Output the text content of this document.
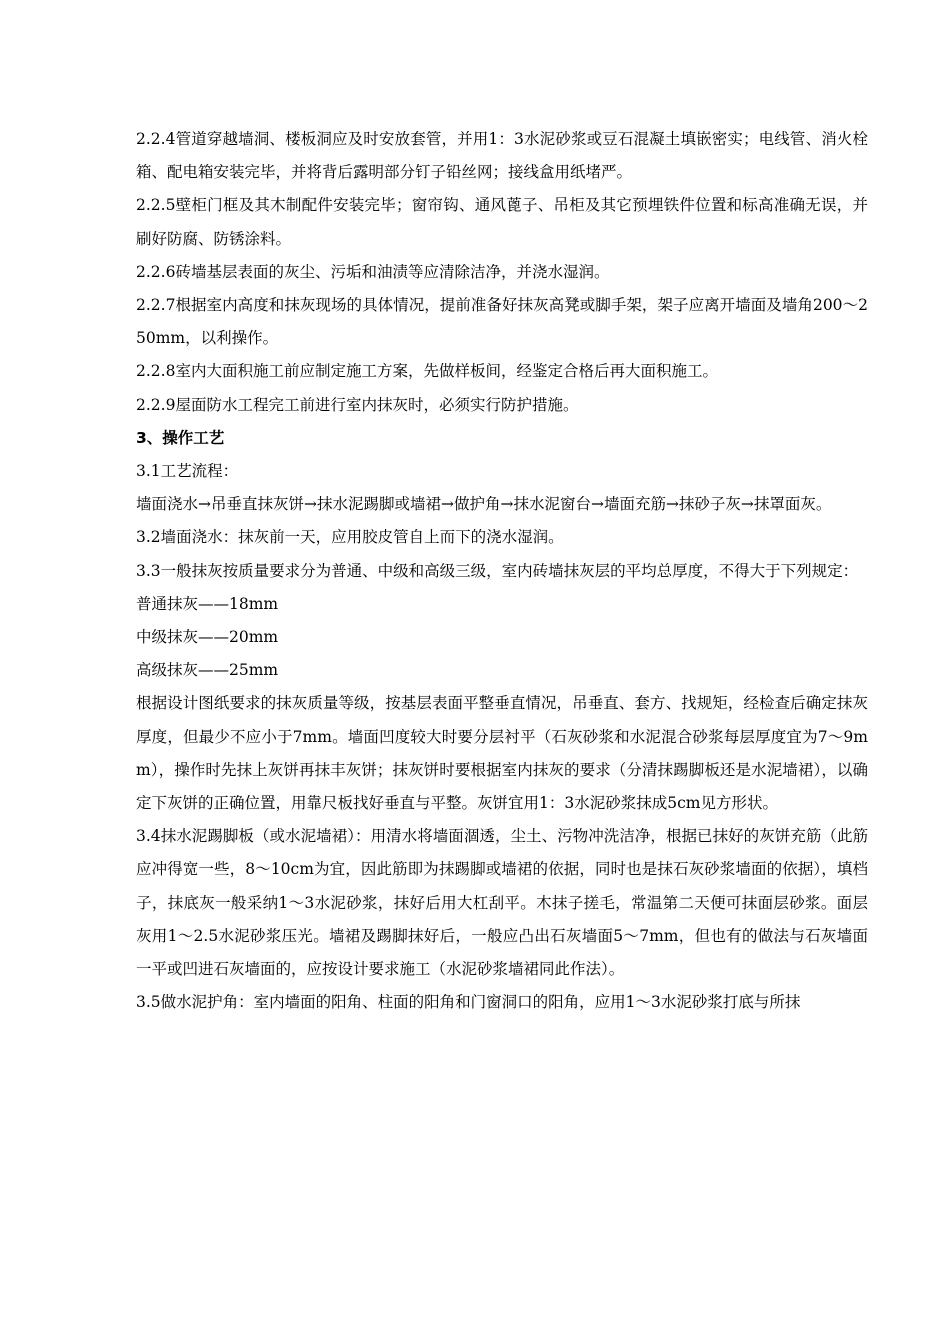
2.2.4管道穿越墙洞、楼板洞应及时安放套管，并用1：3水泥砂浆或豆石混凝土填嵌密实；电线管、消火栓箱、配电箱安装完毕，并将背后露明部分钉子铅丝网；接线盒用纸堵严。

2.2.5壁柜门框及其木制配件安装完毕；窗帘钩、通风蓖子、吊柜及其它预埋铁件位置和标高准确无误，并刷好防腐、防锈涂料。

2.2.6砖墙基层表面的灰尘、污垢和油渍等应清除洁净，并浇水湿润。

2.2.7根据室内高度和抹灰现场的具体情况，提前准备好抹灰高凳或脚手架，架子应离开墙面及墙角200～250mm，以利操作。

2.2.8室内大面积施工前应制定施工方案，先做样板间，经鉴定合格后再大面积施工。

2.2.9屋面防水工程完工前进行室内抹灰时，必须实行防护措施。

3、操作工艺

3.1工艺流程：

墙面浇水→吊垂直抹灰饼→抹水泥踢脚或墙裙→做护角→抹水泥窗台→墙面充筋→抹砂子灰→抹罩面灰。

3.2墙面浇水：抹灰前一天，应用胶皮管自上而下的浇水湿润。

3.3一般抹灰按质量要求分为普通、中级和高级三级，室内砖墙抹灰层的平均总厚度，不得大于下列规定：

普通抹灰——18mm

中级抹灰——20mm

高级抹灰——25mm

根据设计图纸要求的抹灰质量等级，按基层表面平整垂直情况，吊垂直、套方、找规矩，经检查后确定抹灰厚度，但最少不应小于7mm。墙面凹度较大时要分层衬平（石灰砂浆和水泥混合砂浆每层厚度宜为7～9mm），操作时先抹上灰饼再抹丰灰饼；抹灰饼时要根据室内抹灰的要求（分清抹踢脚板还是水泥墙裙），以确定下灰饼的正确位置，用靠尺板找好垂直与平整。灰饼宜用1：3水泥砂浆抹成5cm见方形状。

3.4抹水泥踢脚板（或水泥墙裙）：用清水将墙面涸透，尘土、污物冲洗洁净，根据已抹好的灰饼充筋（此筋应冲得宽一些，8～10cm为宜，因此筋即为抹踢脚或墙裙的依据，同时也是抹石灰砂浆墙面的依据），填档子，抹底灰一般采纳1～3水泥砂浆，抹好后用大杠刮平。木抹子搓毛，常温第二天便可抹面层砂浆。面层灰用1～2.5水泥砂浆压光。墙裙及踢脚抹好后，一般应凸出石灰墙面5～7mm，但也有的做法与石灰墙面一平或凹进石灰墙面的，应按设计要求施工（水泥砂浆墙裙同此作法）。

3.5做水泥护角：室内墙面的阳角、柱面的阳角和门窗洞口的阳角，应用1～3水泥砂浆打底与所抹
